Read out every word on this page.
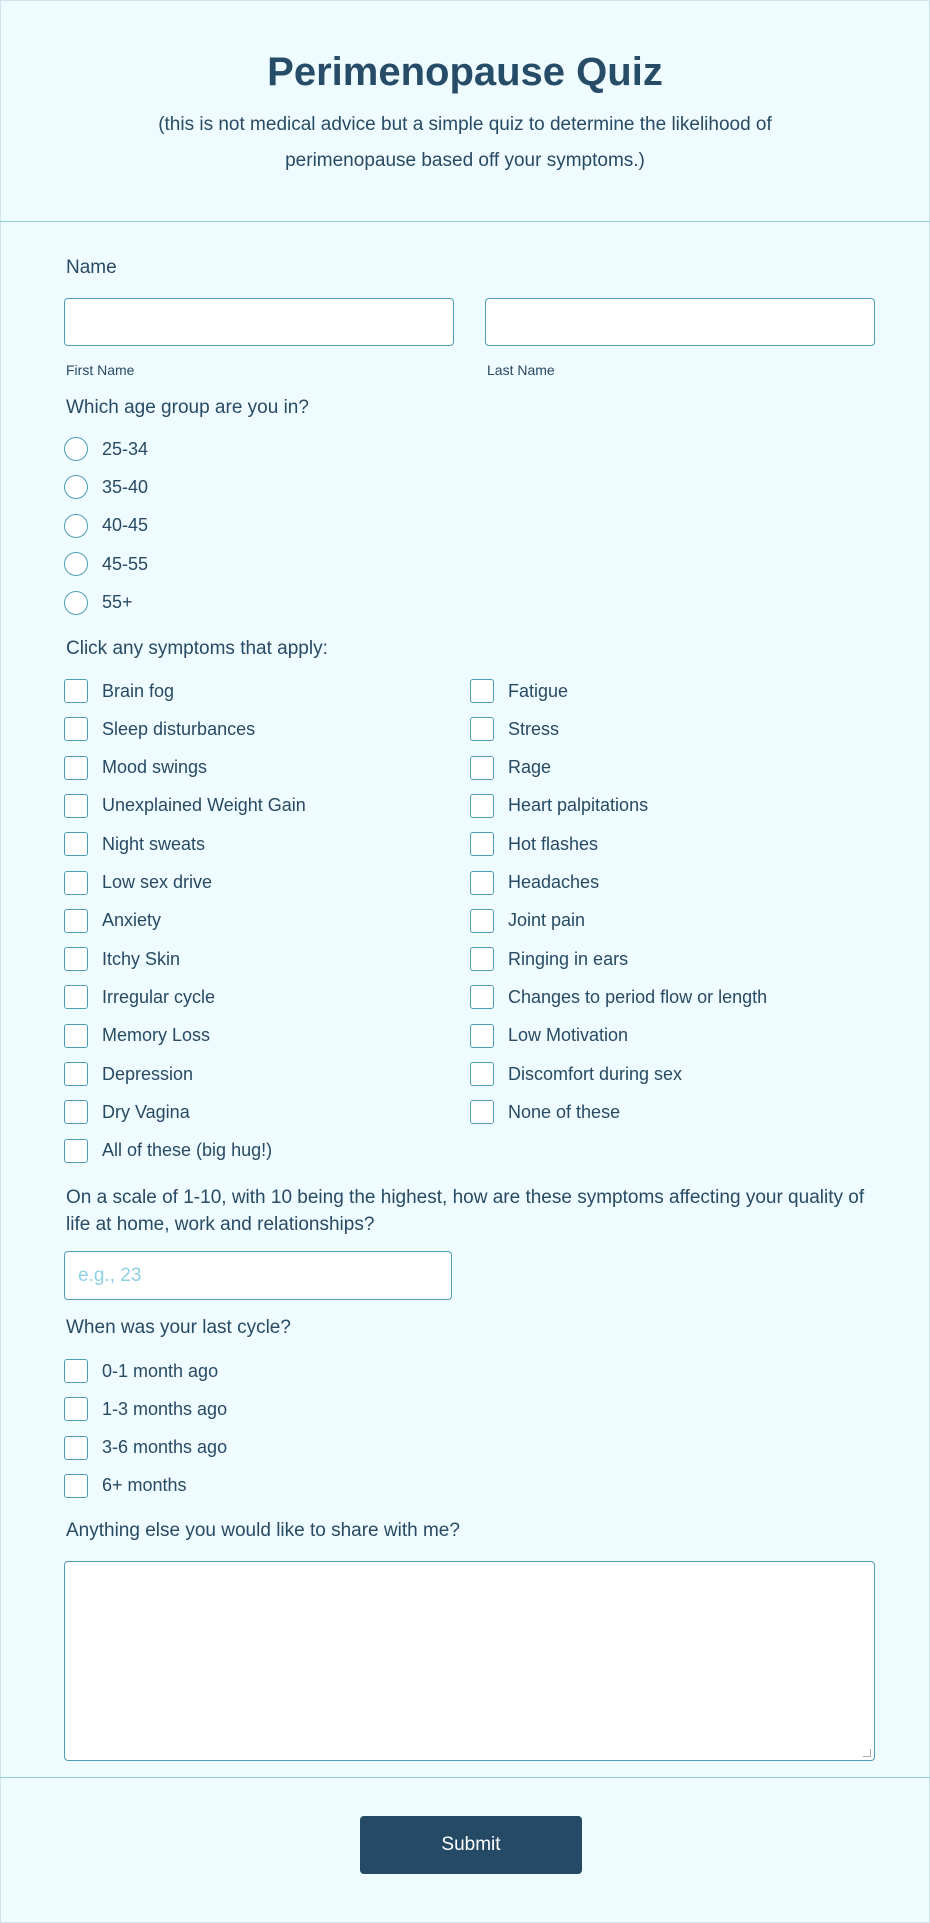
Perimenopause Quiz

(this is not medical advice but a simple quiz to determine the likelihood of perimenopause based off your symptoms.)

Name
First Name	Last Name
Which age group are you in?
25-34
35-40
40-45
45-55
55+
Click any symptoms that apply:
Brain fog
Sleep disturbances
Mood swings
Unexplained Weight Gain
Night sweats
Low sex drive
Anxiety
Itchy Skin
Irregular cycle
Memory Loss
Depression
Dry Vagina
All of these (big hug!)
Fatigue
Stress
Rage
Heart palpitations
Hot flashes
Headaches
Joint pain
Ringing in ears
Changes to period flow or length
Low Motivation
Discomfort during sex
None of these
On a scale of 1-10, with 10 being the highest, how are these symptoms affecting your quality of life at home, work and relationships?
e.g., 23
When was your last cycle?
0-1 month ago
1-3 months ago
3-6 months ago
6+ months
Anything else you would like to share with me?
Submit
